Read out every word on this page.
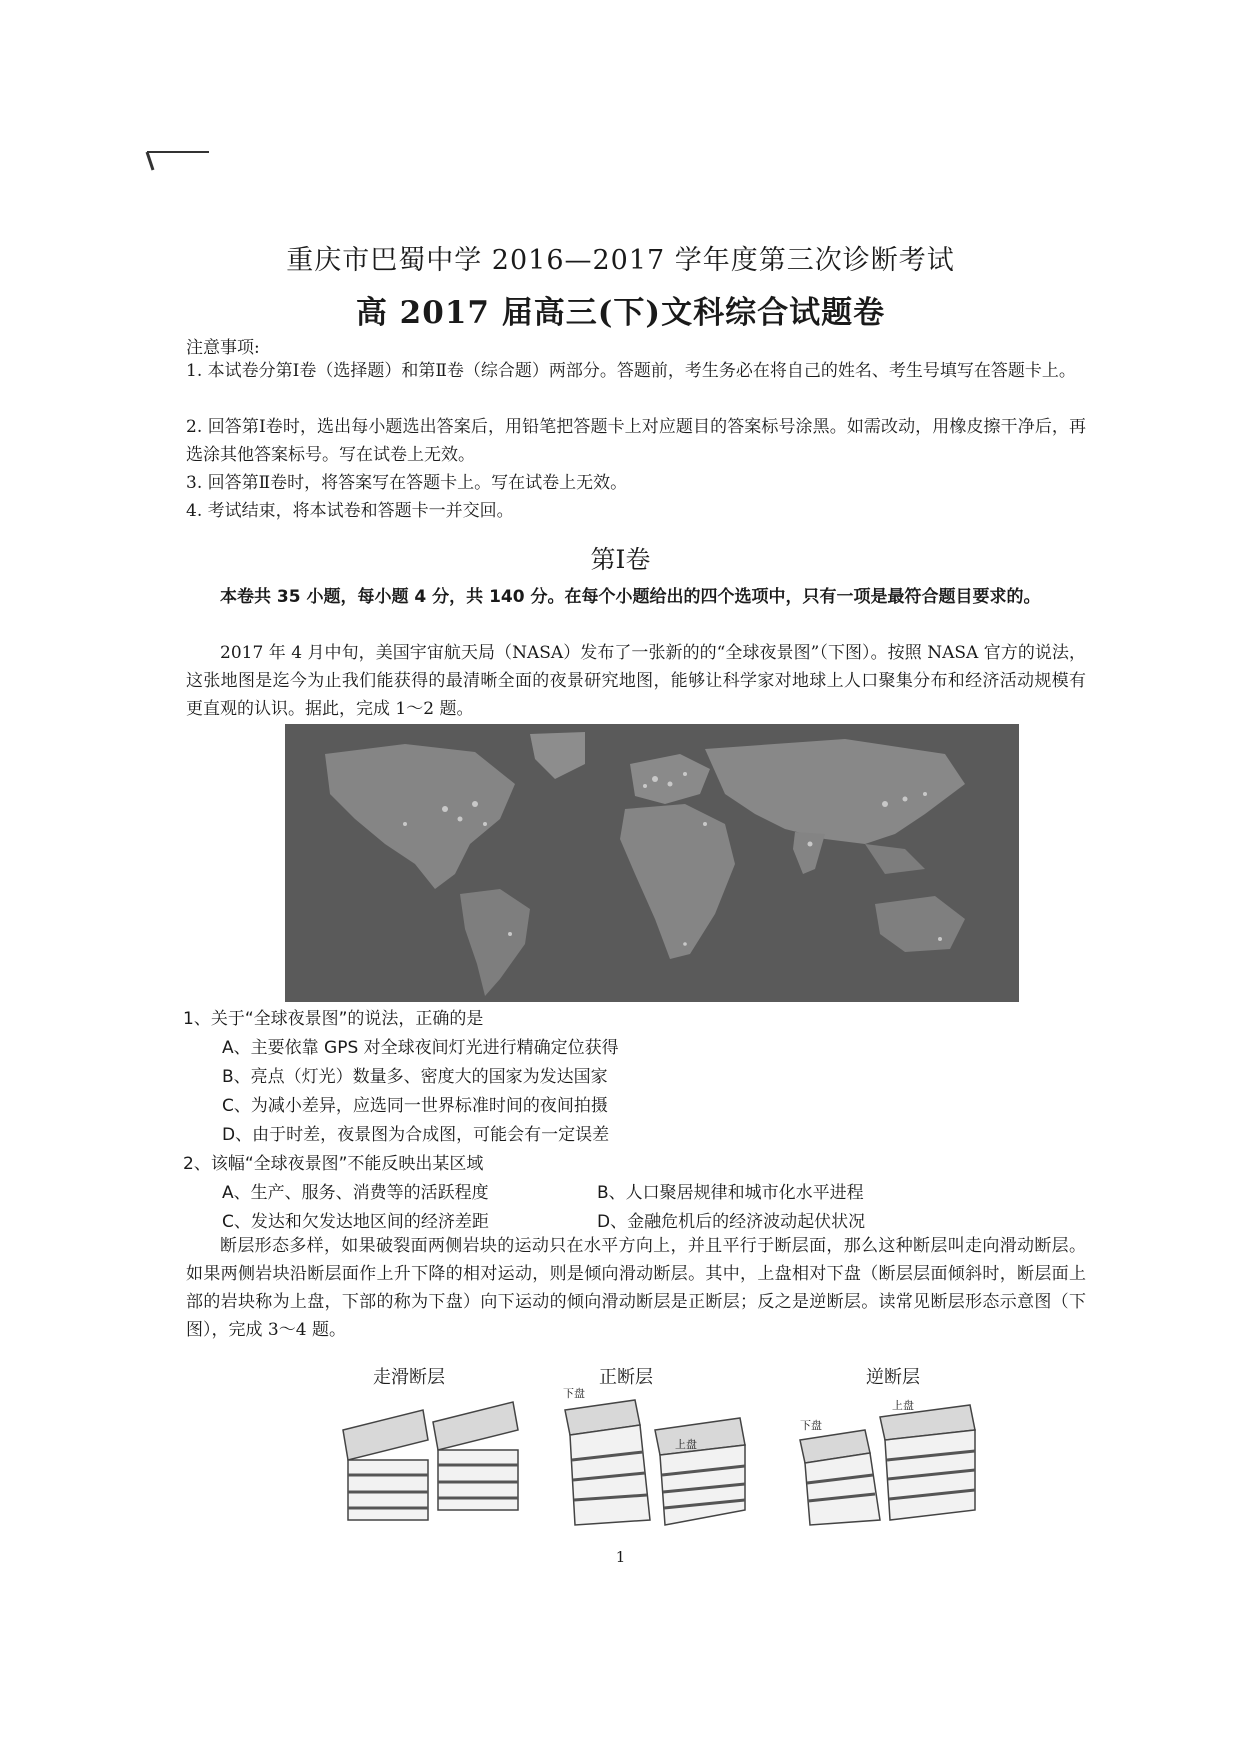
重庆市巴蜀中学 2016—2017 学年度第三次诊断考试
高 2017 届高三(下)文科综合试题卷
注意事项:
1. 本试卷分第Ⅰ卷（选择题）和第Ⅱ卷（综合题）两部分。答题前，考生务必在将自己的姓名、考生号填写在答题卡上。
2. 回答第Ⅰ卷时，选出每小题选出答案后，用铅笔把答题卡上对应题目的答案标号涂黑。如需改动，用橡皮擦干净后，再选涂其他答案标号。写在试卷上无效。
3. 回答第Ⅱ卷时，将答案写在答题卡上。写在试卷上无效。
4. 考试结束，将本试卷和答题卡一并交回。
第Ⅰ卷
本卷共 35 小题，每小题 4 分，共 140 分。在每个小题给出的四个选项中，只有一项是最符合题目要求的。
2017 年 4 月中旬，美国宇宙航天局（NASA）发布了一张新的的“全球夜景图”（下图）。按照 NASA 官方的说法，这张地图是迄今为止我们能获得的最清晰全面的夜景研究地图，能够让科学家对地球上人口聚集分布和经济活动规模有更直观的认识。据此，完成 1～2 题。
1、关于“全球夜景图”的说法，正确的是
A、主要依靠 GPS 对全球夜间灯光进行精确定位获得
B、亮点（灯光）数量多、密度大的国家为发达国家
C、为减小差异，应选同一世界标准时间的夜间拍摄
D、由于时差，夜景图为合成图，可能会有一定误差
2、该幅“全球夜景图”不能反映出某区域
A、生产、服务、消费等的活跃程度	B、人口聚居规律和城市化水平进程
C、发达和欠发达地区间的经济差距	D、金融危机后的经济波动起伏状况
断层形态多样，如果破裂面两侧岩块的运动只在水平方向上，并且平行于断层面，那么这种断层叫走向滑动断层。如果两侧岩块沿断层面作上升下降的相对运动，则是倾向滑动断层。其中，上盘相对下盘（断层层面倾斜时，断层面上部的岩块称为上盘，下部的称为下盘）向下运动的倾向滑动断层是正断层；反之是逆断层。读常见断层形态示意图（下图），完成 3～4 题。
走滑断层	正断层	逆断层
下盘
上盘
下盘
上盘
1
